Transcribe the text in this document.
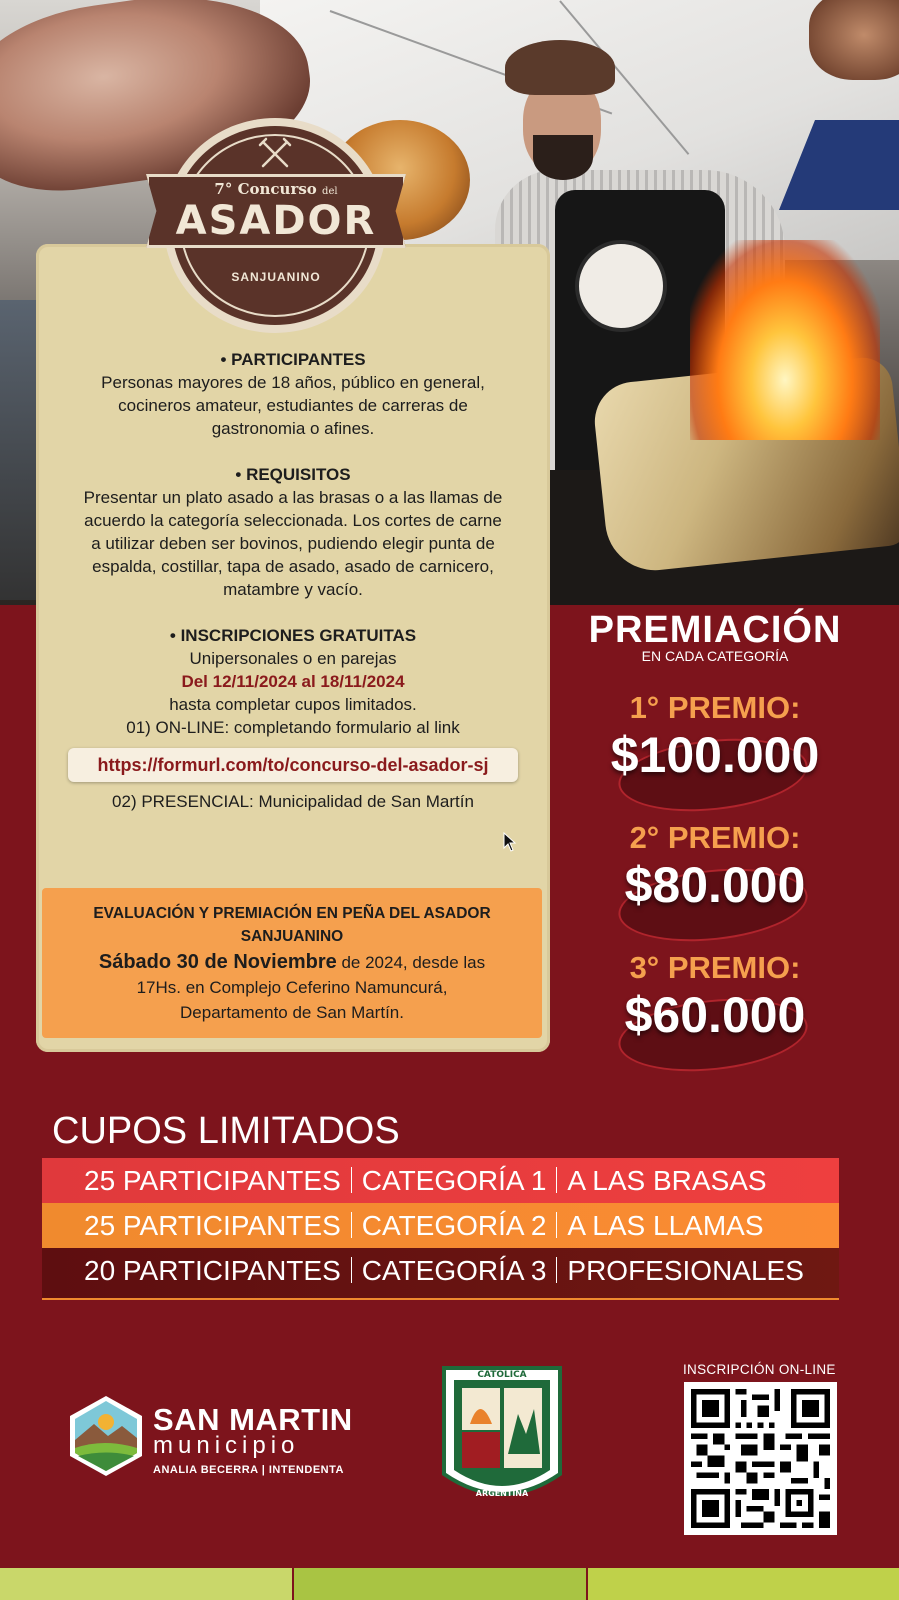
• PARTICIPANTES

Personas mayores de 18 años, público en general,

cocineros amateur, estudiantes de carreras de

gastronomia o afines.

• REQUISITOS

Presentar un plato asado a las brasas o a las llamas de

acuerdo la categoría seleccionada. Los cortes de carne

a utilizar deben ser bovinos, pudiendo elegir punta de

espalda, costillar, tapa de asado, asado de carnicero,

matambre y vacío.

• INSCRIPCIONES GRATUITAS

Unipersonales o en parejas

Del 12/11/2024 al 18/11/2024

hasta completar cupos limitados.

01) ON-LINE: completando formulario al link

https://formurl.com/to/concurso-del-asador-sj

02) PRESENCIAL: Municipalidad de San Martín

EVALUACIÓN Y PREMIACIÓN EN PEÑA DEL ASADOR
SANJUANINO
Sábado 30 de Noviembre de 2024, desde las
17Hs. en Complejo Ceferino Namuncurá,
Departamento de San Martín.
7° Concurso del
ASADOR
SANJUANINO
PREMIACIÓN
EN CADA CATEGORÍA
1° PREMIO:
$100.000
2° PREMIO:
$80.000
3° PREMIO:
$60.000
CUPOS LIMITADOS
25 PARTICIPANTES CATEGORÍA 1 A LAS BRASAS
25 PARTICIPANTES CATEGORÍA 2 A LAS LLAMAS
20 PARTICIPANTES CATEGORÍA 3 PROFESIONALES
SAN MARTIN
municipio
ANALIA BECERRA | INTENDENTA
CATOLICA
ARGENTINA
INSCRIPCIÓN ON-LINE
